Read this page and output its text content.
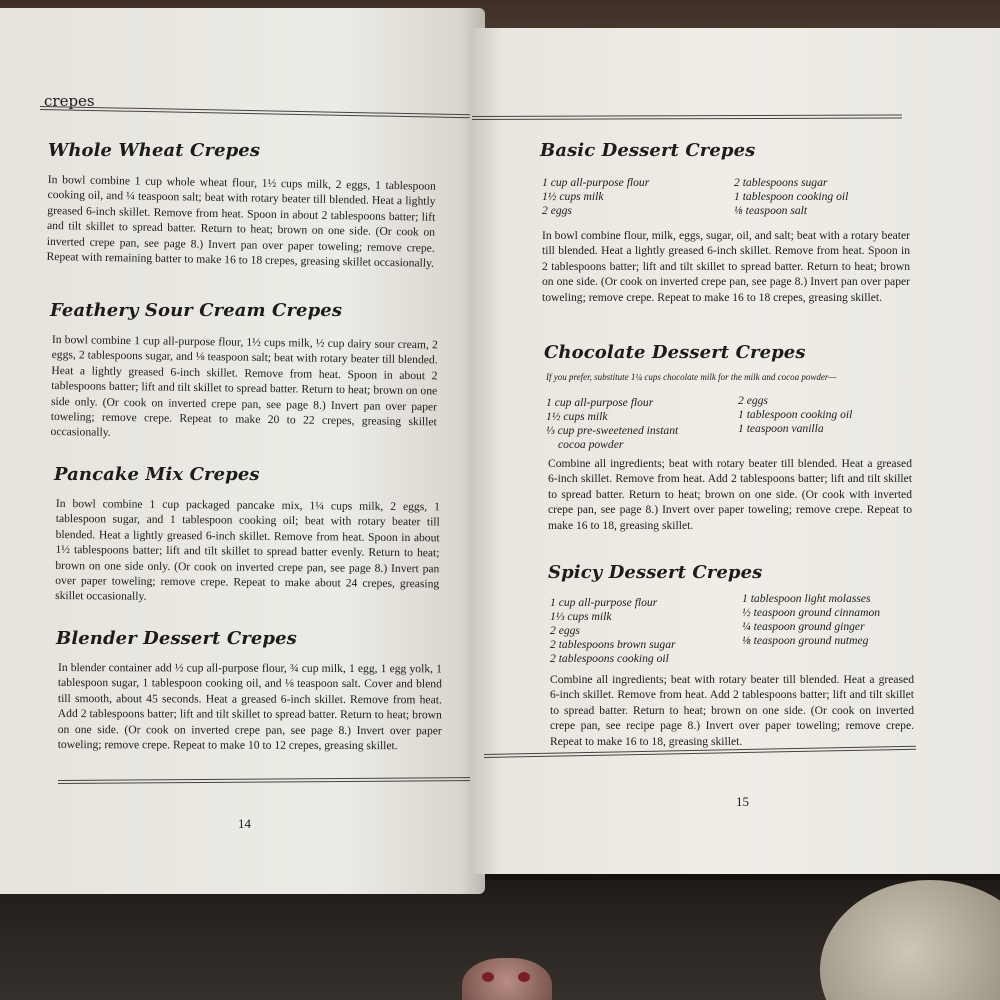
crepes
Whole Wheat Crepes
In bowl combine 1 cup whole wheat flour, 1½ cups milk, 2 eggs, 1 tablespoon cooking oil, and ¼ teaspoon salt; beat with rotary beater till blended. Heat a lightly greased 6-inch skillet. Remove from heat. Spoon in about 2 tablespoons batter; lift and tilt skillet to spread batter. Return to heat; brown on one side. (Or cook on inverted crepe pan, see page 8.) Invert pan over paper toweling; remove crepe. Repeat with remaining batter to make 16 to 18 crepes, greasing skillet occasionally.
Feathery Sour Cream Crepes
In bowl combine 1 cup all-purpose flour, 1½ cups milk, ½ cup dairy sour cream, 2 eggs, 2 tablespoons sugar, and ⅛ teaspoon salt; beat with rotary beater till blended. Heat a lightly greased 6-inch skillet. Remove from heat. Spoon in about 2 tablespoons batter; lift and tilt skillet to spread batter. Return to heat; brown on one side only. (Or cook on inverted crepe pan, see page 8.) Invert pan over paper toweling; remove crepe. Repeat to make 20 to 22 crepes, greasing skillet occasionally.
Pancake Mix Crepes
In bowl combine 1 cup packaged pancake mix, 1¼ cups milk, 2 eggs, 1 tablespoon sugar, and 1 tablespoon cooking oil; beat with rotary beater till blended. Heat a lightly greased 6-inch skillet. Remove from heat. Spoon in about 1½ tablespoons batter; lift and tilt skillet to spread batter evenly. Return to heat; brown on one side only. (Or cook on inverted crepe pan, see page 8.) Invert pan over paper toweling; remove crepe. Repeat to make about 24 crepes, greasing skillet occasionally.
Blender Dessert Crepes
In blender container add ½ cup all-purpose flour, ¾ cup milk, 1 egg, 1 egg yolk, 1 tablespoon sugar, 1 tablespoon cooking oil, and ⅛ teaspoon salt. Cover and blend till smooth, about 45 seconds. Heat a greased 6-inch skillet. Remove from heat. Add 2 tablespoons batter; lift and tilt skillet to spread batter. Return to heat; brown on one side. (Or cook on inverted crepe pan, see page 8.) Invert over paper toweling; remove crepe. Repeat to make 10 to 12 crepes, greasing skillet.
14
Basic Dessert Crepes
1 cup all-purpose flour
1½ cups milk
2 eggs
2 tablespoons sugar
1 tablespoon cooking oil
⅛ teaspoon salt
In bowl combine flour, milk, eggs, sugar, oil, and salt; beat with a rotary beater till blended. Heat a lightly greased 6-inch skillet. Remove from heat. Spoon in 2 tablespoons batter; lift and tilt skillet to spread batter. Return to heat; brown on one side. (Or cook on inverted crepe pan, see page 8.) Invert pan over paper toweling; remove crepe. Repeat to make 16 to 18 crepes, greasing skillet.
Chocolate Dessert Crepes
If you prefer, substitute 1¼ cups chocolate milk for the milk and cocoa powder—
1 cup all-purpose flour
1½ cups milk
⅓ cup pre-sweetened instant
cocoa powder
2 eggs
1 tablespoon cooking oil
1 teaspoon vanilla
Combine all ingredients; beat with rotary beater till blended. Heat a greased 6-inch skillet. Remove from heat. Add 2 tablespoons batter; lift and tilt skillet to spread batter. Return to heat; brown on one side. (Or cook with inverted crepe pan, see page 8.) Invert over paper toweling; remove crepe. Repeat to make 16 to 18, greasing skillet.
Spicy Dessert Crepes
1 cup all-purpose flour
1⅓ cups milk
2 eggs
2 tablespoons brown sugar
2 tablespoons cooking oil
1 tablespoon light molasses
½ teaspoon ground cinnamon
¼ teaspoon ground ginger
⅛ teaspoon ground nutmeg
Combine all ingredients; beat with rotary beater till blended. Heat a greased 6-inch skillet. Remove from heat. Add 2 tablespoons batter; lift and tilt skillet to spread batter. Return to heat; brown on one side. (Or cook on inverted crepe pan, see recipe page 8.) Invert over paper toweling; remove crepe. Repeat to make 16 to 18, greasing skillet.
15
